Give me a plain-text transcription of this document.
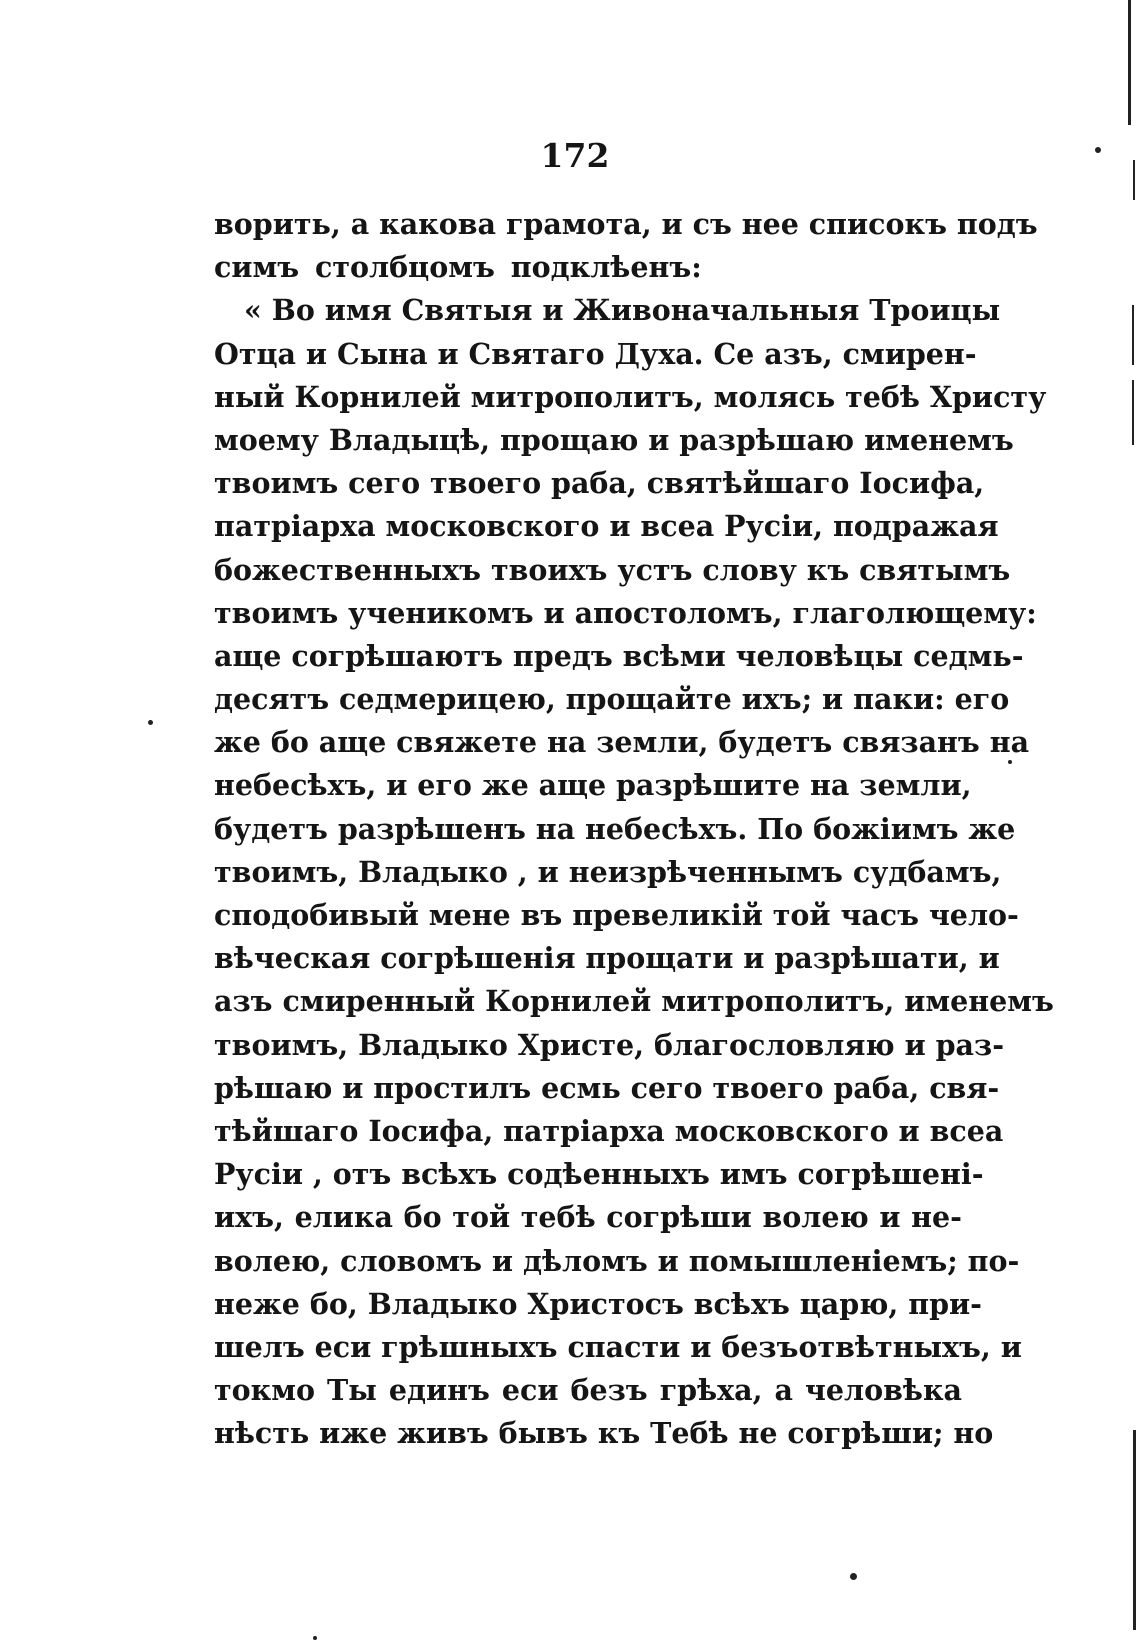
172
ворить, а какова грамота, и съ нее списокъ подъ
симъ столбцомъ подклѣенъ:
« Во имя Святыя и Живоначальныя Троицы
Отца и Сына и Святаго Духа. Се азъ, смирен-
ный Корнилей митрополитъ, молясь тебѣ Христу
моему Владыцѣ, прощаю и разрѣшаю именемъ
твоимъ сего твоего раба, святѣйшаго Іосифа,
патріарха московского и всеа Русіи, подражая
божественныхъ твоихъ устъ слову къ святымъ
твоимъ ученикомъ и апостоломъ, глаголющему:
аще согрѣшаютъ предъ всѣми человѣцы седмь-
десятъ седмерицею, прощайте ихъ; и паки: его
же бо аще свяжете на земли, будетъ связанъ на
небесѣхъ, и его же аще разрѣшите на земли,
будетъ разрѣшенъ на небесѣхъ. По божіимъ же
твоимъ, Владыко , и неизрѣченнымъ судбамъ,
сподобивый мене въ превеликій той часъ чело-
вѣческая согрѣшенія прощати и разрѣшати, и
азъ смиренный Корнилей митрополитъ, именемъ
твоимъ, Владыко Христе, благословляю и раз-
рѣшаю и простилъ есмь сего твоего раба, свя-
тѣйшаго Іосифа, патріарха московского и всеа
Русіи , отъ всѣхъ содѣенныхъ имъ согрѣшені-
ихъ, елика бо той тебѣ согрѣши волею и не-
волею, словомъ и дѣломъ и помышленіемъ; по-
неже бо, Владыко Христосъ всѣхъ царю, при-
шелъ еси грѣшныхъ спасти и безъотвѣтныхъ, и
токмо Ты единъ еси безъ грѣха, а человѣка
нѣсть иже живъ бывъ къ Тебѣ не согрѣши; но
